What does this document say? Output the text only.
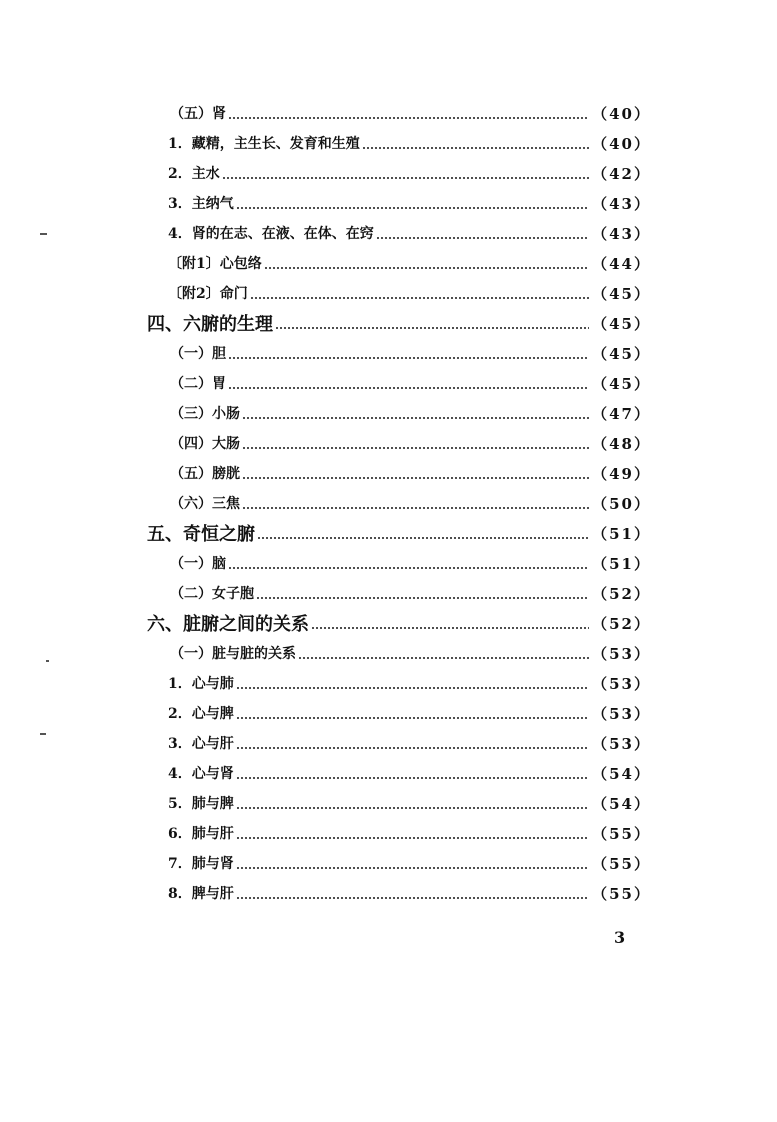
（五）肾	（40）
1．藏精，主生长、发育和生殖	（40）
2．主水	（42）
3．主纳气	（43）
4．肾的在志、在液、在体、在窍	（43）
〔附1〕心包络	（44）
〔附2〕命门	（45）
四、六腑的生理	（45）
（一）胆	（45）
（二）胃	（45）
（三）小肠	（47）
（四）大肠	（48）
（五）膀胱	（49）
（六）三焦	（50）
五、奇恒之腑	（51）
（一）脑	（51）
（二）女子胞	（52）
六、脏腑之间的关系	（52）
（一）脏与脏的关系	（53）
1．心与肺	（53）
2．心与脾	（53）
3．心与肝	（53）
4．心与肾	（54）
5．肺与脾	（54）
6．肺与肝	（55）
7．肺与肾	（55）
8．脾与肝	（55）
3
